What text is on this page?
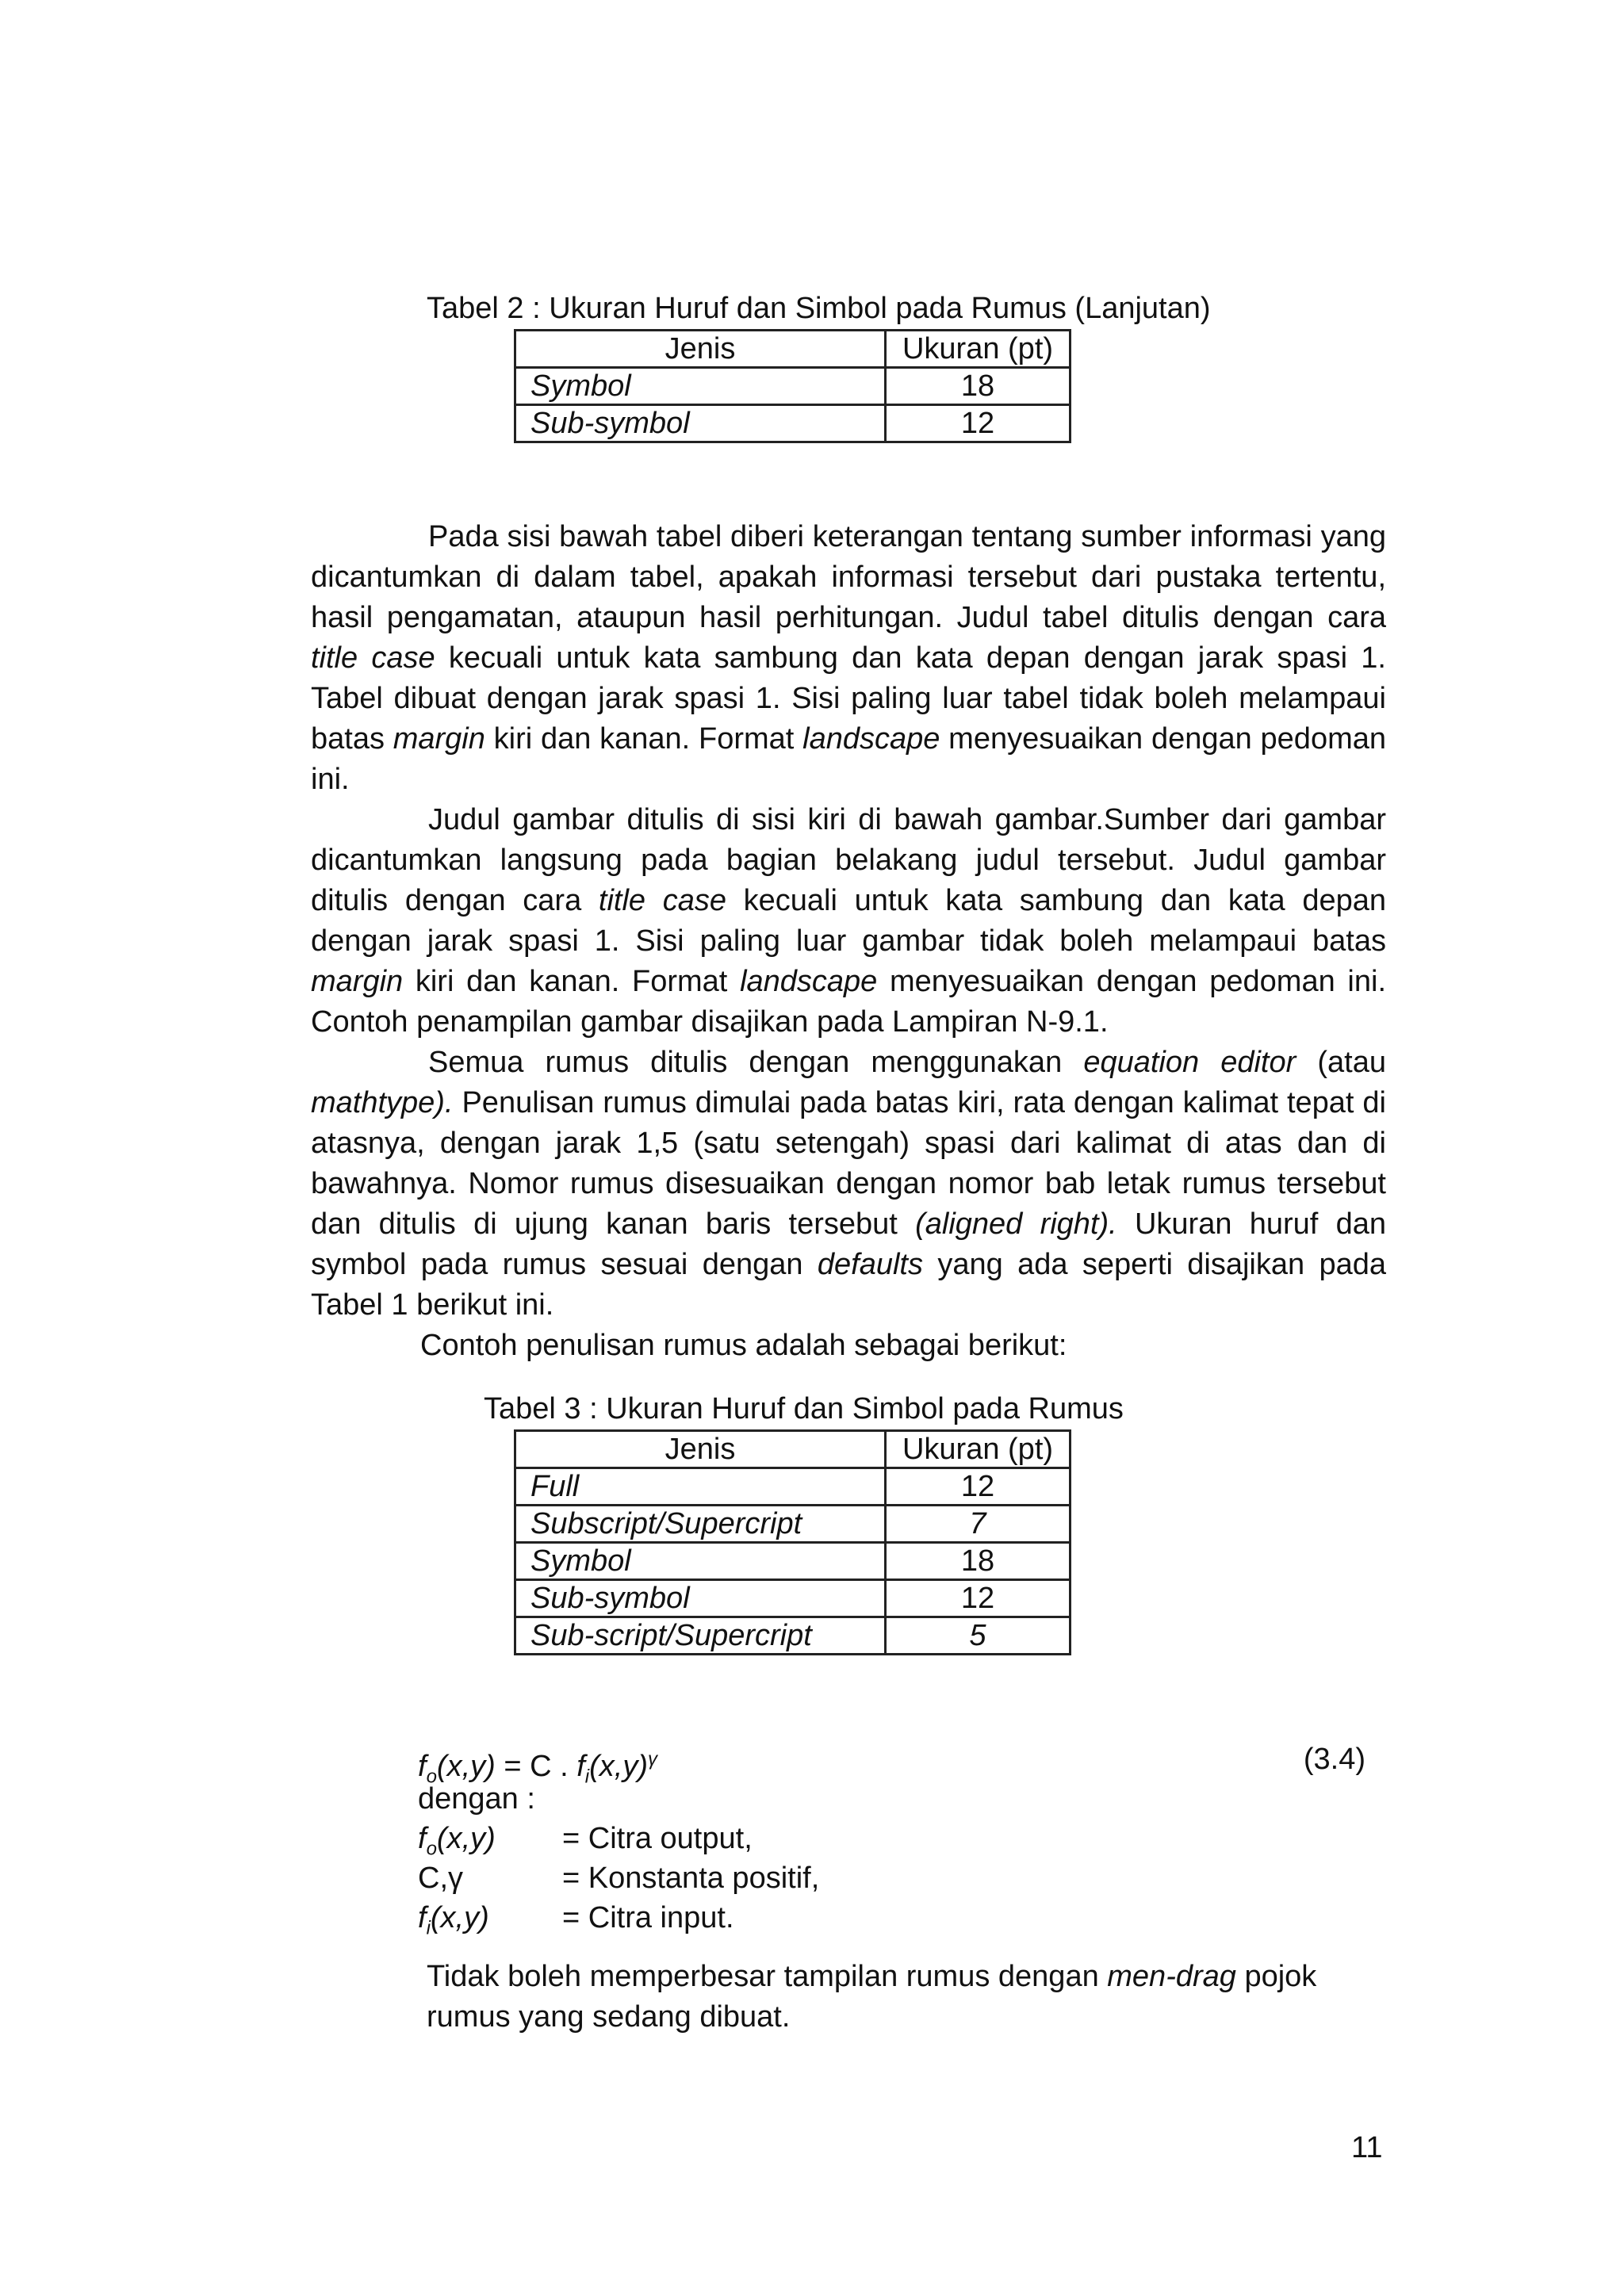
Tabel 2 : Ukuran Huruf dan Simbol pada Rumus (Lanjutan)
Jenis	Ukuran (pt)
Symbol	18
Sub-symbol	12

Pada sisi bawah tabel diberi keterangan tentang sumber informasi yang dicantumkan di dalam tabel, apakah informasi tersebut dari pustaka tertentu, hasil pengamatan, ataupun hasil perhitungan. Judul tabel ditulis dengan cara title case kecuali untuk kata sambung dan kata depan dengan jarak spasi 1. Tabel dibuat dengan jarak spasi 1. Sisi paling luar tabel tidak boleh melampaui batas margin kiri dan kanan. Format landscape menyesuaikan dengan pedoman ini.

Judul gambar ditulis di sisi kiri di bawah gambar.Sumber dari gambar dicantumkan langsung pada bagian belakang judul tersebut. Judul gambar ditulis dengan cara title case kecuali untuk kata sambung dan kata depan dengan jarak spasi 1. Sisi paling luar gambar tidak boleh melampaui batas margin kiri dan kanan. Format landscape menyesuaikan dengan pedoman ini. Contoh penampilan gambar disajikan pada Lampiran N-9.1.

Semua rumus ditulis dengan menggunakan equation editor (atau mathtype). Penulisan rumus dimulai pada batas kiri, rata dengan kalimat tepat di atasnya, dengan jarak 1,5 (satu setengah) spasi dari kalimat di atas dan di bawahnya. Nomor rumus disesuaikan dengan nomor bab letak rumus tersebut dan ditulis di ujung kanan baris tersebut (aligned right). Ukuran huruf dan symbol pada rumus sesuai dengan defaults yang ada seperti disajikan pada Tabel 1 berikut ini.

Contoh penulisan rumus adalah sebagai berikut:

Tabel 3 : Ukuran Huruf dan Simbol pada Rumus
Jenis	Ukuran (pt)
Full	12
Subscript/Supercript	7
Symbol	18
Sub-symbol	12
Sub-script/Supercript	5
$f_o(x,y) = C$ . $f_i(x,y)^\gamma$	(3.4)
dengan :
$f_o(x,y)$ = Citra output,
C,γ	= Konstanta positif,
$f_i(x,y)$ = Citra input.
Tidak boleh memperbesar tampilan rumus dengan men-drag pojok rumus yang sedang dibuat.
11
